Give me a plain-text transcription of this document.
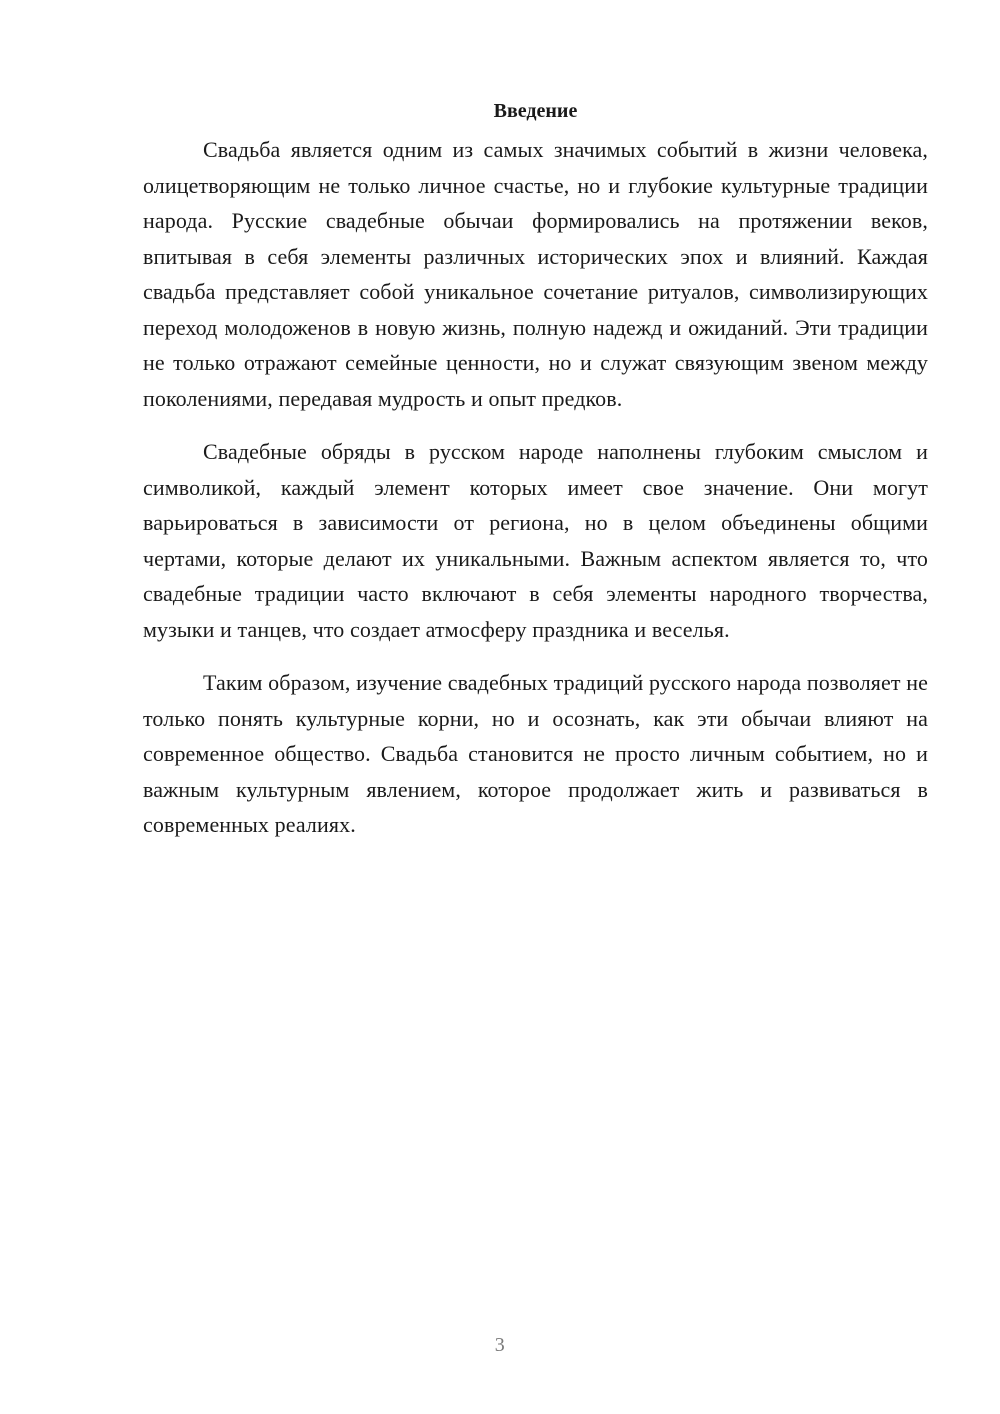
Введение

Свадьба является одним из самых значимых событий в жизни человека, олицетворяющим не только личное счастье, но и глубокие культурные традиции народа. Русские свадебные обычаи формировались на протяжении веков, впитывая в себя элементы различных исторических эпох и влияний. Каждая свадьба представляет собой уникальное сочетание ритуалов, символизирующих переход молодоженов в новую жизнь, полную надежд и ожиданий. Эти традиции не только отражают семейные ценности, но и служат связующим звеном между поколениями, передавая мудрость и опыт предков.

Свадебные обряды в русском народе наполнены глубоким смыслом и символикой, каждый элемент которых имеет свое значение. Они могут варьироваться в зависимости от региона, но в целом объединены общими чертами, которые делают их уникальными. Важным аспектом является то, что свадебные традиции часто включают в себя элементы народного творчества, музыки и танцев, что создает атмосферу праздника и веселья.

Таким образом, изучение свадебных традиций русского народа позволяет не только понять культурные корни, но и осознать, как эти обычаи влияют на современное общество. Свадьба становится не просто личным событием, но и важным культурным явлением, которое продолжает жить и развиваться в современных реалиях.

3
